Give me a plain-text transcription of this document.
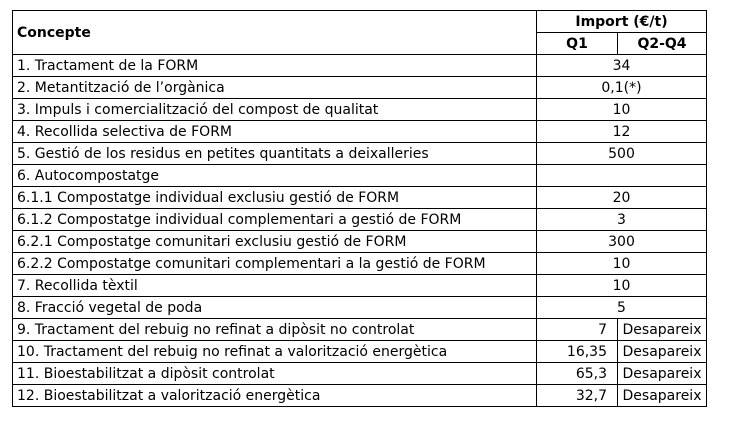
Concepte	Import (€/t)	
	Q1	Q2-Q4
1. Tractament de la FORM	34	
2. Metantització de l’orgànica	0,1(*)	
3. Impuls i comercialització del compost de qualitat	10	
4. Recollida selectiva de FORM	12	
5. Gestió de los residus en petites quantitats a deixalleries	500	
6. Autocompostatge		
6.1.1 Compostatge individual exclusiu gestió de FORM	20	
6.1.2 Compostatge individual complementari a gestió de FORM	3	
6.2.1 Compostatge comunitari exclusiu gestió de FORM	300	
6.2.2 Compostatge comunitari complementari a la gestió de FORM	10	
7. Recollida tèxtil	10	
8. Fracció vegetal de poda	5	
9. Tractament del rebuig no refinat a dipòsit no controlat	7	Desapareix
10. Tractament del rebuig no refinat a valorització energètica	16,35	Desapareix
11. Bioestabilitzat a dipòsit controlat	65,3	Desapareix
12. Bioestabilitzat a valorització energètica	32,7	Desapareix
